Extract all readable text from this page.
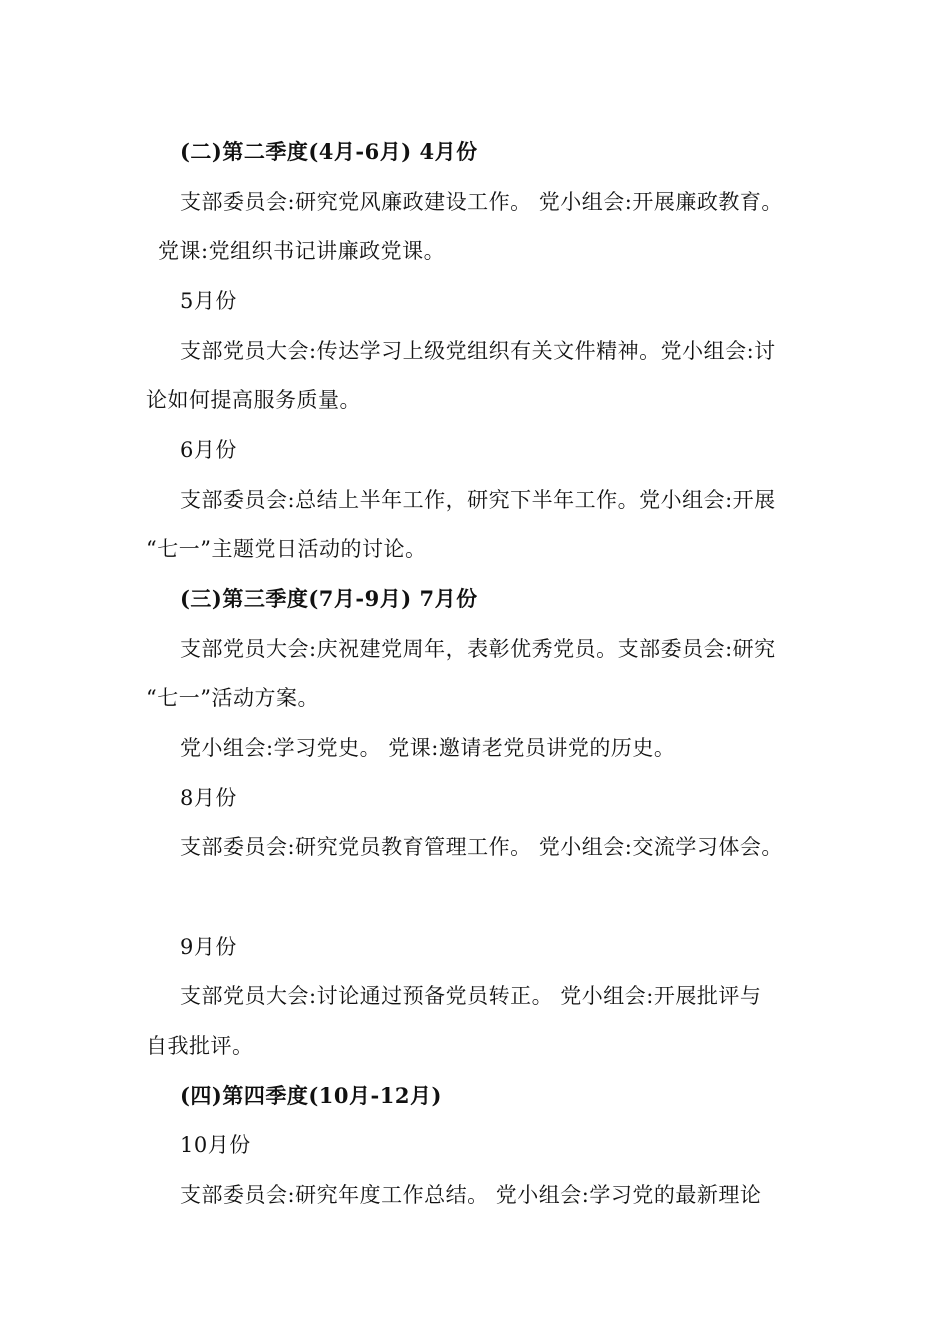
(二)第二季度(4月-6月) 4月份
支部委员会:研究党风廉政建设工作。 党小组会:开展廉政教育。
党课:党组织书记讲廉政党课。
5月份
支部党员大会:传达学习上级党组织有关文件精神。党小组会:讨
论如何提高服务质量。
6月份
支部委员会:总结上半年工作，研究下半年工作。党小组会:开展
“七一”主题党日活动的讨论。
(三)第三季度(7月-9月) 7月份
支部党员大会:庆祝建党周年，表彰优秀党员。支部委员会:研究
“七一”活动方案。
党小组会:学习党史。 党课:邀请老党员讲党的历史。
8月份
支部委员会:研究党员教育管理工作。 党小组会:交流学习体会。
9月份
支部党员大会:讨论通过预备党员转正。 党小组会:开展批评与
自我批评。
(四)第四季度(10月-12月)
10月份
支部委员会:研究年度工作总结。 党小组会:学习党的最新理论
